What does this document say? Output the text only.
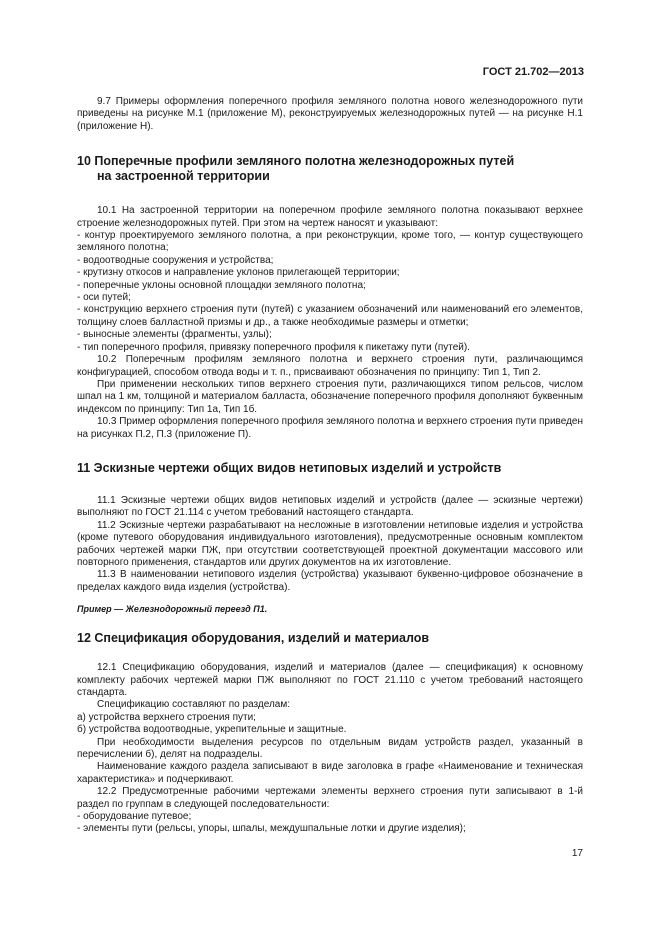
ГОСТ 21.702—2013

9.7 Примеры оформления поперечного профиля земляного полотна нового железнодорожного пути приведены на рисунке М.1 (приложение М), реконструируемых железнодорожных путей — на рисунке Н.1 (приложение Н).

10 Поперечные профили земляного полотна железнодорожных путей

на застроенной территории

10.1 На застроенной территории на поперечном профиле земляного полотна показывают верхнее строение железнодорожных путей. При этом на чертеж наносят и указывают:

- контур проектируемого земляного полотна, а при реконструкции, кроме того, — контур существующего земляного полотна;

- водоотводные сооружения и устройства;

- крутизну откосов и направление уклонов прилегающей территории;

- поперечные уклоны основной площадки земляного полотна;

- оси путей;

- конструкцию верхнего строения пути (путей) с указанием обозначений или наименований его элементов, толщину слоев балластной призмы и др., а также необходимые размеры и отметки;

- выносные элементы (фрагменты, узлы);

- тип поперечного профиля, привязку поперечного профиля к пикетажу пути (путей).

10.2 Поперечным профилям земляного полотна и верхнего строения пути, различающимся конфигурацией, способом отвода воды и т. п., присваивают обозначения по принципу: Тип 1, Тип 2.

При применении нескольких типов верхнего строения пути, различающихся типом рельсов, числом шпал на 1 км, толщиной и материалом балласта, обозначение поперечного профиля дополняют буквенным индексом по принципу: Тип 1а, Тип 1б.

10.3 Пример оформления поперечного профиля земляного полотна и верхнего строения пути приведен на рисунках П.2, П.3 (приложение П).

11 Эскизные чертежи общих видов нетиповых изделий и устройств

11.1 Эскизные чертежи общих видов нетиповых изделий и устройств (далее — эскизные чертежи) выполняют по ГОСТ 21.114 с учетом требований настоящего стандарта.

11.2 Эскизные чертежи разрабатывают на несложные в изготовлении нетиповые изделия и устройства (кроме путевого оборудования индивидуального изготовления), предусмотренные основным комплектом рабочих чертежей марки ПЖ, при отсутствии соответствующей проектной документации массового или повторного применения, стандартов или других документов на их изготовление.

11.3 В наименовании нетипового изделия (устройства) указывают буквенно-цифровое обозначение в пределах каждого вида изделия (устройства).

Пример — Железнодорожный переезд П1.

12 Спецификация оборудования, изделий и материалов

12.1 Спецификацию оборудования, изделий и материалов (далее — спецификация) к основному комплекту рабочих чертежей марки ПЖ выполняют по ГОСТ 21.110 с учетом требований настоящего стандарта.

Спецификацию составляют по разделам:

а) устройства верхнего строения пути;

б) устройства водоотводные, укрепительные и защитные.

При необходимости выделения ресурсов по отдельным видам устройств раздел, указанный в перечислении б), делят на подразделы.

Наименование каждого раздела записывают в виде заголовка в графе «Наименование и техническая характеристика» и подчеркивают.

12.2 Предусмотренные рабочими чертежами элементы верхнего строения пути записывают в 1-й раздел по группам в следующей последовательности:

- оборудование путевое;

- элементы пути (рельсы, упоры, шпалы, междушпальные лотки и другие изделия);

17
